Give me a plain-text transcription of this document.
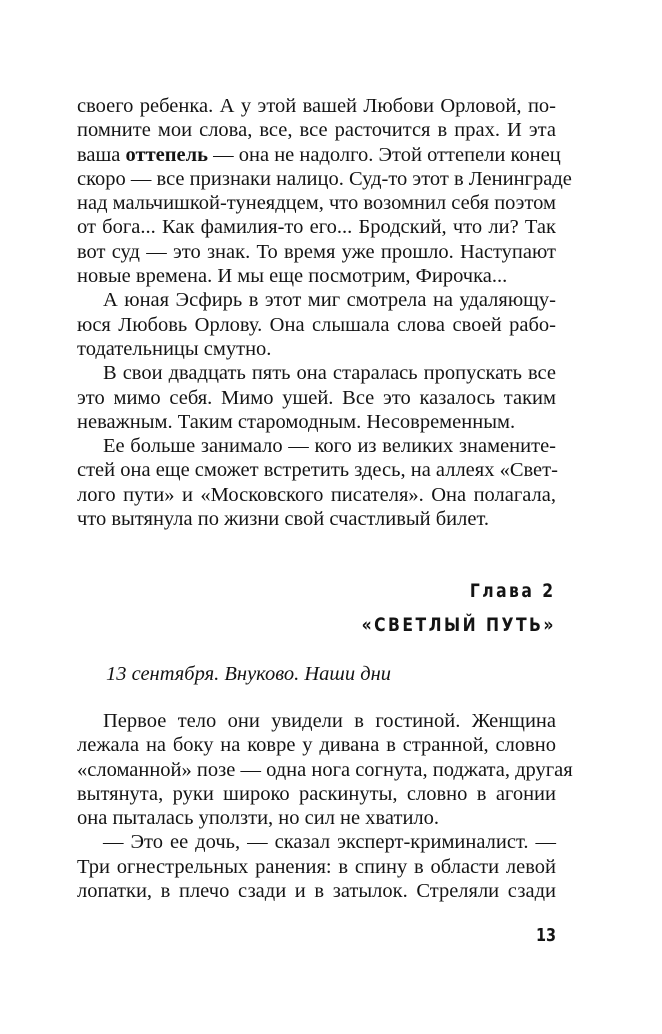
своего ребенка. А у этой вашей Любови Орловой, по-
помните мои слова, все, все расточится в прах. И эта
ваша оттепель — она не надолго. Этой оттепели конец
скоро — все признаки налицо. Суд-то этот в Ленинграде
над мальчишкой-тунеядцем, что возомнил себя поэтом
от бога... Как фамилия-то его... Бродский, что ли? Так
вот суд — это знак. То время уже прошло. Наступают
новые времена. И мы еще посмотрим, Фирочка...
А юная Эсфирь в этот миг смотрела на удаляющу-
юся Любовь Орлову. Она слышала слова своей рабо-
тодательницы смутно.
В свои двадцать пять она старалась пропускать все
это мимо себя. Мимо ушей. Все это казалось таким
неважным. Таким старомодным. Несовременным.
Ее больше занимало — кого из великих знамените-
стей она еще сможет встретить здесь, на аллеях «Свет-
лого пути» и «Московского писателя». Она полагала,
что вытянула по жизни свой счастливый билет.
Глава 2
«СВЕТЛЫЙ ПУТЬ»
13 сентября. Внуково. Наши дни
Первое тело они увидели в гостиной. Женщина
лежала на боку на ковре у дивана в странной, словно
«сломанной» позе — одна нога согнута, поджата, другая
вытянута, руки широко раскинуты, словно в агонии
она пыталась уползти, но сил не хватило.
— Это ее дочь, — сказал эксперт-криминалист. —
Три огнестрельных ранения: в спину в области левой
лопатки, в плечо сзади и в затылок. Стреляли сзади
13
